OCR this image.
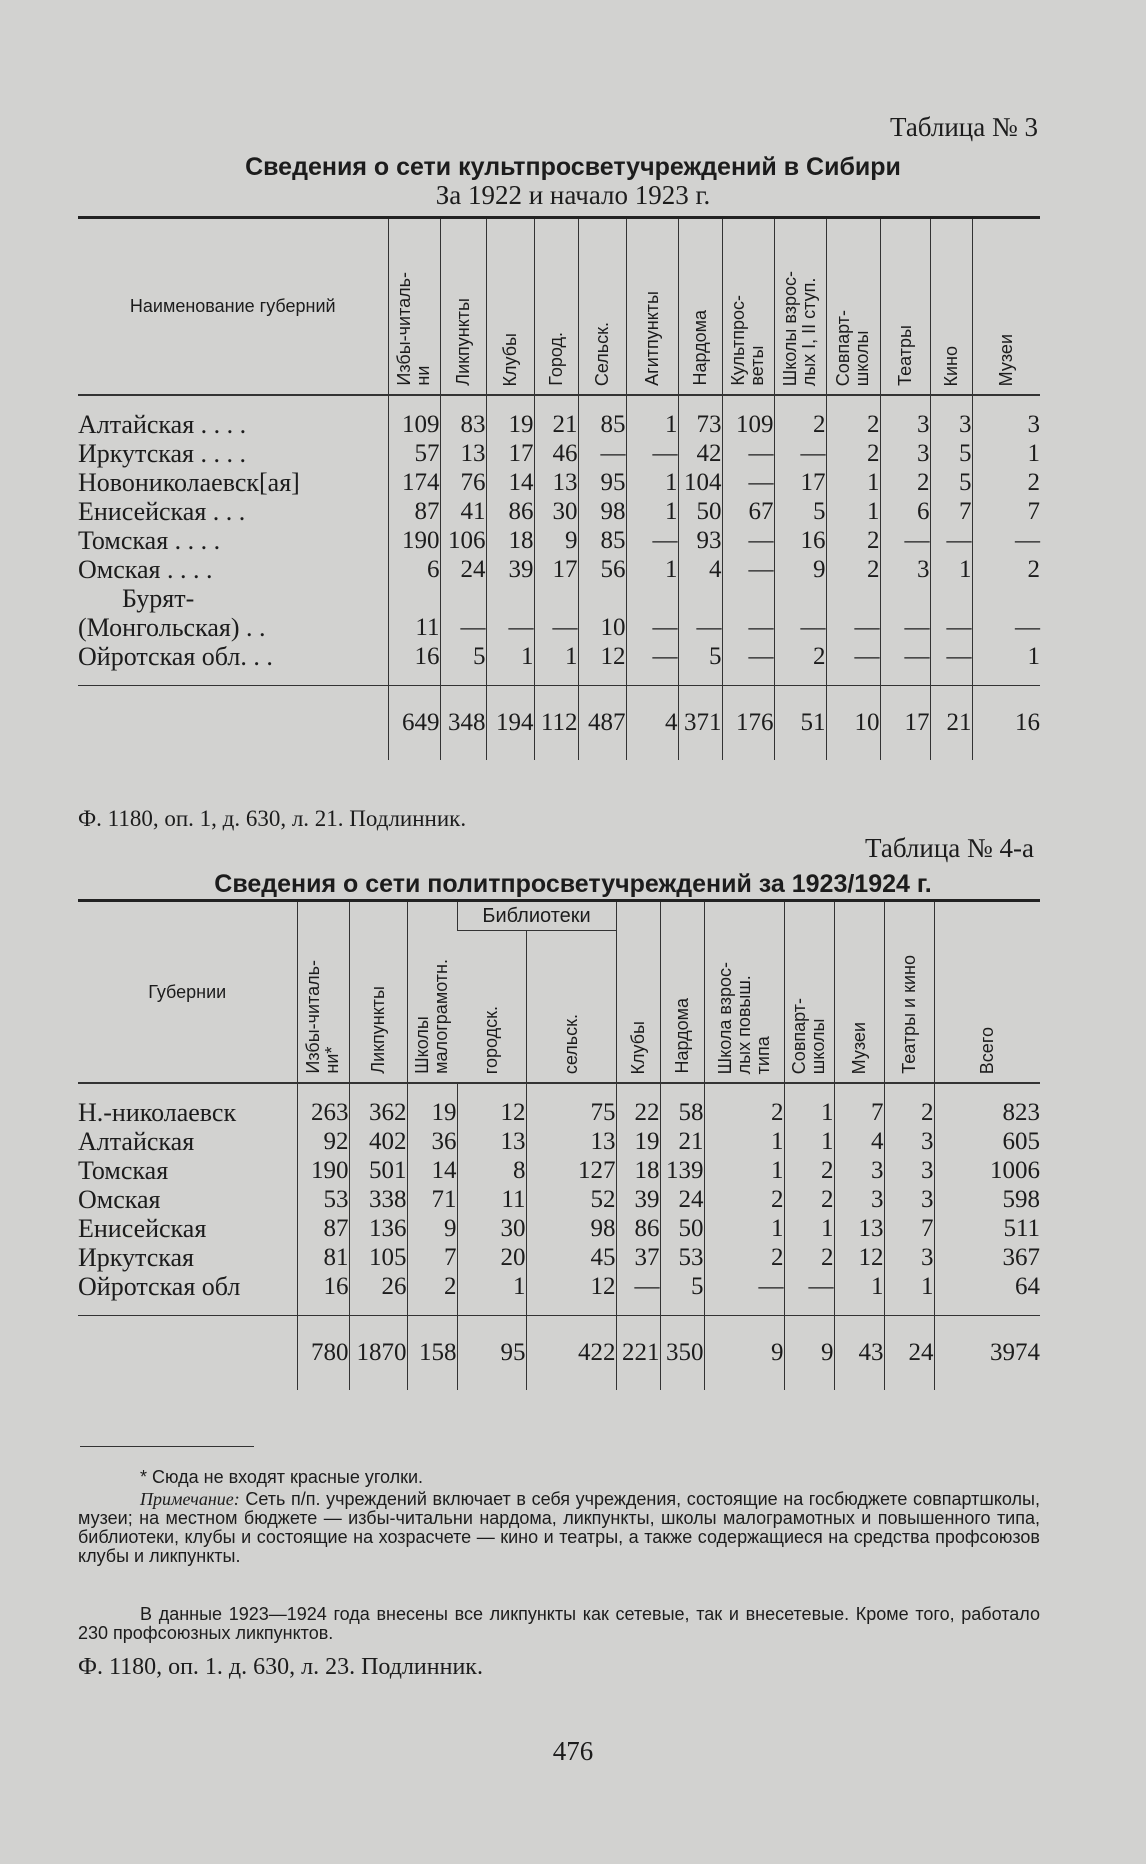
Таблица № 3
Сведения о сети культпросветучреждений в Сибири
За 1922 и начало 1923 г.
Наименование губерний	Избы-читаль-
ни	Ликпункты	Клубы	Город.	Сельск.	Агитпункты	Нардома	Культпрос-
веты	Школы взрос-
лых I, II ступ.	Совпарт-
школы	Театры	Кино	Музеи

Алтайская . . . .	109	83	19	21	85	1	73	109	2	2	3	3	3
Иркутская . . . .	57	13	17	46	—	—	42	—	—	2	3	5	1
Новониколаевск[ая]	174	76	14	13	95	1	104	—	17	1	2	5	2
Енисейская . . .	87	41	86	30	98	1	50	67	5	1	6	7	7
Томская . . . .	190	106	18	9	85	—	93	—	16	2	—	—	—
Омская . . . .	6	24	39	17	56	1	4	—	9	2	3	1	2
Бурят-													
(Монгольская) . .	11	—	—	—	10	—	—	—	—	—	—	—	—
Ойротская обл. . .	16	5	1	1	12	—	5	—	2	—	—	—	1

	649	348	194	112	487	4	371	176	51	10	17	21	16
Ф. 1180, оп. 1, д. 630, л. 21. Подлинник.
Таблица № 4-а
Сведения о сети политпросветучреждений за 1923/1924 г.
Губернии	Избы-читаль-
ни*	Ликпункты	Школы
малограмотн.	Библиотеки		Клубы	Нардома	Школа взрос-
лых повыш.
типа	Совпарт-
школы	Музеи	Театры и кино	Всего

				городск.	сельск.							

Н.-николаевск	263	362	19	12	75	22	58	2	1	7	2	823
Алтайская	92	402	36	13	13	19	21	1	1	4	3	605
Томская	190	501	14	8	127	18	139	1	2	3	3	1006
Омская	53	338	71	11	52	39	24	2	2	3	3	598
Енисейская	87	136	9	30	98	86	50	1	1	13	7	511
Иркутская	81	105	7	20	45	37	53	2	2	12	3	367
Ойротская обл	16	26	2	1	12	—	5	—	—	1	1	64

	780	1870	158	95	422	221	350	9	9	43	24	3974
* Сюда не входят красные уголки.
Примечание: Сеть п/п. учреждений включает в себя учреждения, состоящие на госбюджете совпартшколы, музеи; на местном бюджете — избы-читальни нардома, ликпункты, школы малограмотных и повышенного типа, библиотеки, клубы и состоящие на хозрасчете — кино и театры, а также содержащиеся на средства профсоюзов клубы и ликпункты.
В данные 1923—1924 года внесены все ликпункты как сетевые, так и внесетевые. Кроме того, работало 230 профсоюзных ликпунктов.
Ф. 1180, оп. 1. д. 630, л. 23. Подлинник.
476
